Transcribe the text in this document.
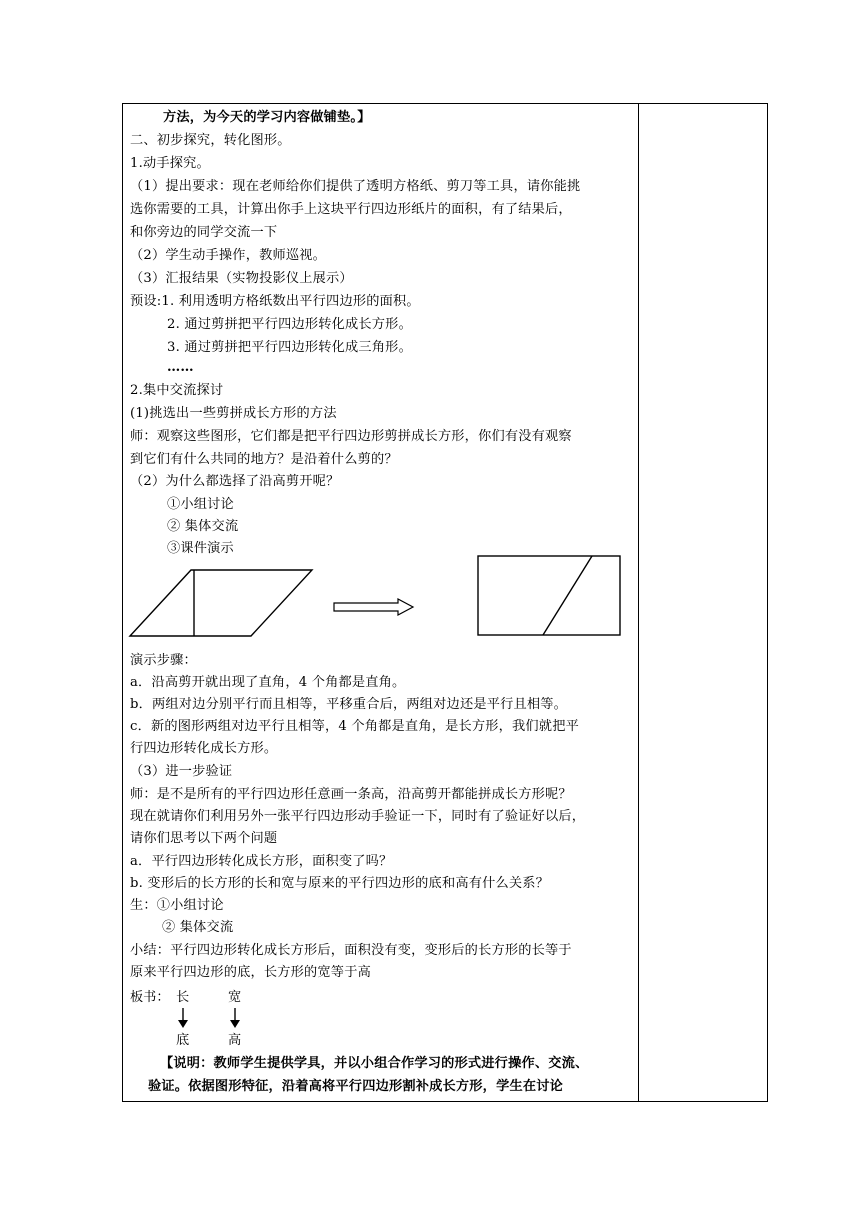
方法，为今天的学习内容做铺垫。】
二、初步探究，转化图形。
1.动手探究。
（1）提出要求：现在老师给你们提供了透明方格纸、剪刀等工具，请你能挑
选你需要的工具，计算出你手上这块平行四边形纸片的面积，有了结果后，
和你旁边的同学交流一下
（2）学生动手操作，教师巡视。
（3）汇报结果（实物投影仪上展示）
预设:1. 利用透明方格纸数出平行四边形的面积。
2. 通过剪拼把平行四边形转化成长方形。
3. 通过剪拼把平行四边形转化成三角形。
……
2.集中交流探讨
(1)挑选出一些剪拼成长方形的方法
师：观察这些图形，它们都是把平行四边形剪拼成长方形，你们有没有观察
到它们有什么共同的地方？是沿着什么剪的？
（2）为什么都选择了沿高剪开呢？
①小组讨论
② 集体交流
③课件演示
演示步骤：
a．沿高剪开就出现了直角，4 个角都是直角。
b．两组对边分别平行而且相等，平移重合后，两组对边还是平行且相等。
c．新的图形两组对边平行且相等，4 个角都是直角，是长方形，我们就把平
行四边形转化成长方形。
（3）进一步验证
师：是不是所有的平行四边形任意画一条高，沿高剪开都能拼成长方形呢？
现在就请你们利用另外一张平行四边形动手验证一下，同时有了验证好以后，
请你们思考以下两个问题
a．平行四边形转化成长方形，面积变了吗？
b. 变形后的长方形的长和宽与原来的平行四边形的底和高有什么关系？
生：①小组讨论
② 集体交流
小结：平行四边形转化成长方形后，面积没有变，变形后的长方形的长等于
原来平行四边形的底，长方形的宽等于高
板书： 长	宽
底	高
【说明：教师学生提供学具，并以小组合作学习的形式进行操作、交流、
验证。依据图形特征，沿着高将平行四边形割补成长方形，学生在讨论
